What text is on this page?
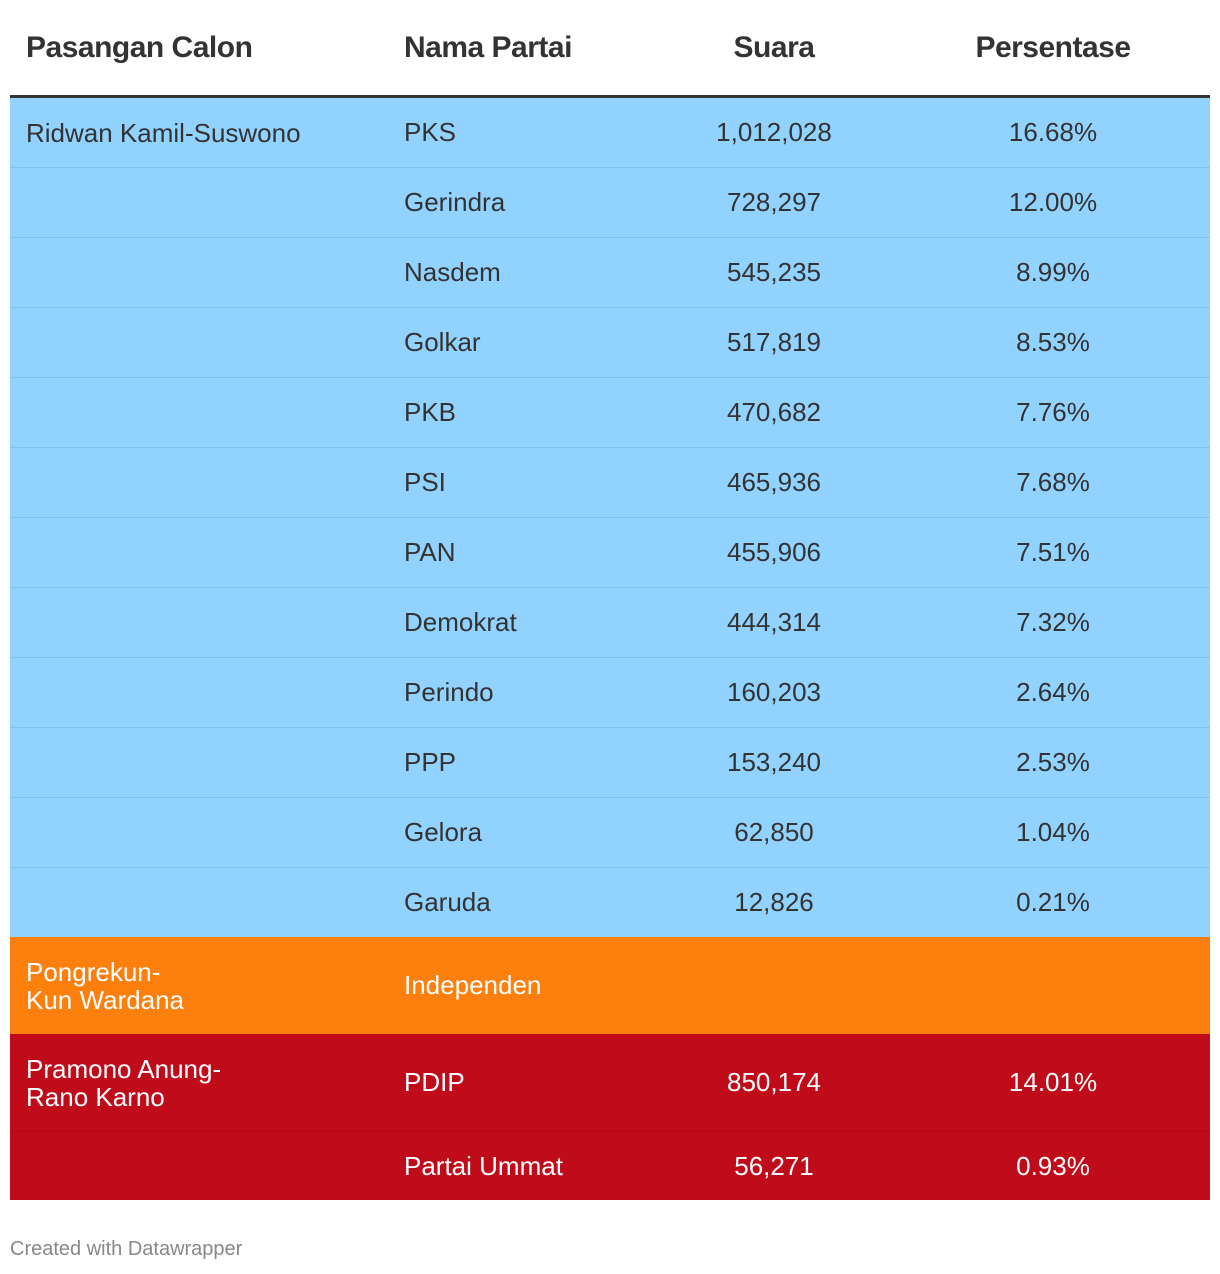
Pasangan Calon	Nama Partai	Suara	Persentase
Ridwan Kamil-Suswono	PKS	1,012,028	16.68%
	Gerindra	728,297	12.00%
	Nasdem	545,235	8.99%
	Golkar	517,819	8.53%
	PKB	470,682	7.76%
	PSI	465,936	7.68%
	PAN	455,906	7.51%
	Demokrat	444,314	7.32%
	Perindo	160,203	2.64%
	PPP	153,240	2.53%
	Gelora	62,850	1.04%
	Garuda	12,826	0.21%

Pongrekun-
Kun Wardana	Independen		

Pramono Anung-
Rano Karno	PDIP	850,174	14.01%
	Partai Ummat	56,271	0.93%
Created with Datawrapper
